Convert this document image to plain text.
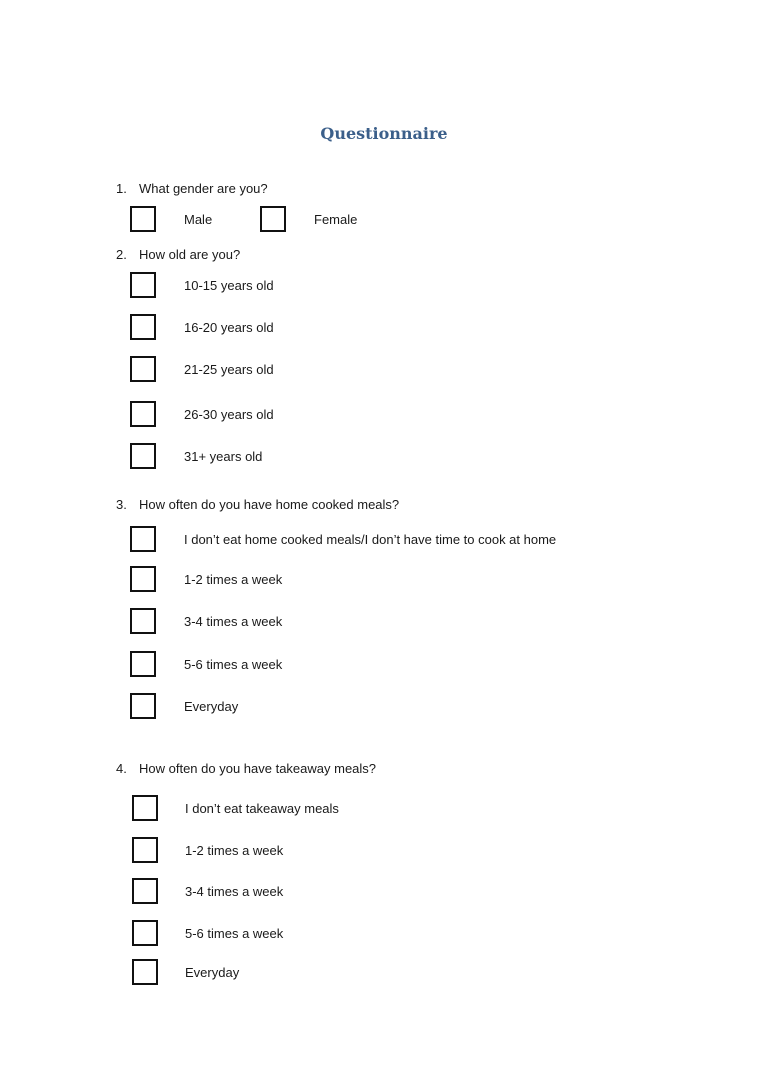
Questionnaire
1. What gender are you?
Male	Female
2. How old are you?
10-15 years old
16-20 years old
21-25 years old
26-30 years old
31+ years old
3. How often do you have home cooked meals?
I don’t eat home cooked meals/I don’t have time to cook at home
1-2 times a week
3-4 times a week
5-6 times a week
Everyday
4. How often do you have takeaway meals?
I don’t eat takeaway meals
1-2 times a week
3-4 times a week
5-6 times a week
Everyday
